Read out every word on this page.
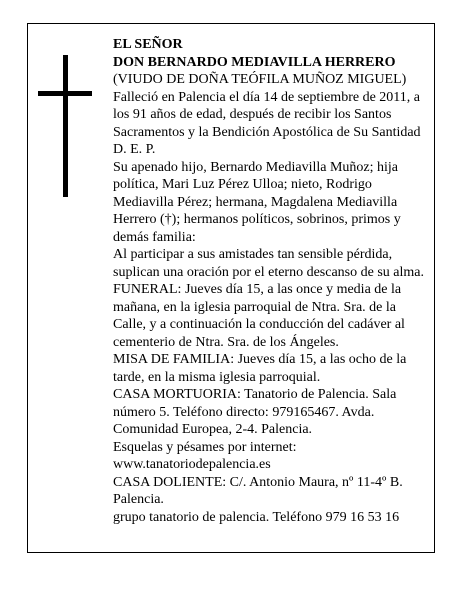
EL SEÑOR

DON BERNARDO MEDIAVILLA HERRERO

(VIUDO DE DOÑA TEÓFILA MUÑOZ MIGUEL)

Falleció en Palencia el día 14 de septiembre de 2011, a los 91 años de edad, después de recibir los Santos Sacramentos y la Bendición Apostólica de Su Santidad D. E. P.

Su apenado hijo, Bernardo Mediavilla Muñoz; hija política, Mari Luz Pérez Ulloa; nieto, Rodrigo Mediavilla Pérez; hermana, Magdalena Mediavilla Herrero (†); hermanos políticos, sobrinos, primos y demás familia:

Al participar a sus amistades tan sensible pérdida, suplican una oración por el eterno descanso de su alma.

FUNERAL: Jueves día 15, a las once y media de la mañana, en la iglesia parroquial de Ntra. Sra. de la Calle, y a continuación la conducción del cadáver al cementerio de Ntra. Sra. de los Ángeles.

MISA DE FAMILIA: Jueves día 15, a las ocho de la tarde, en la misma iglesia parroquial.

CASA MORTUORIA: Tanatorio de Palencia. Sala número 5. Teléfono directo: 979165467. Avda. Comunidad Europea, 2-4. Palencia.

Esquelas y pésames por internet: www.tanatoriodepalencia.es

CASA DOLIENTE: C/. Antonio Maura, nº 11-4º B. Palencia.

grupo tanatorio de palencia. Teléfono 979 16 53 16
